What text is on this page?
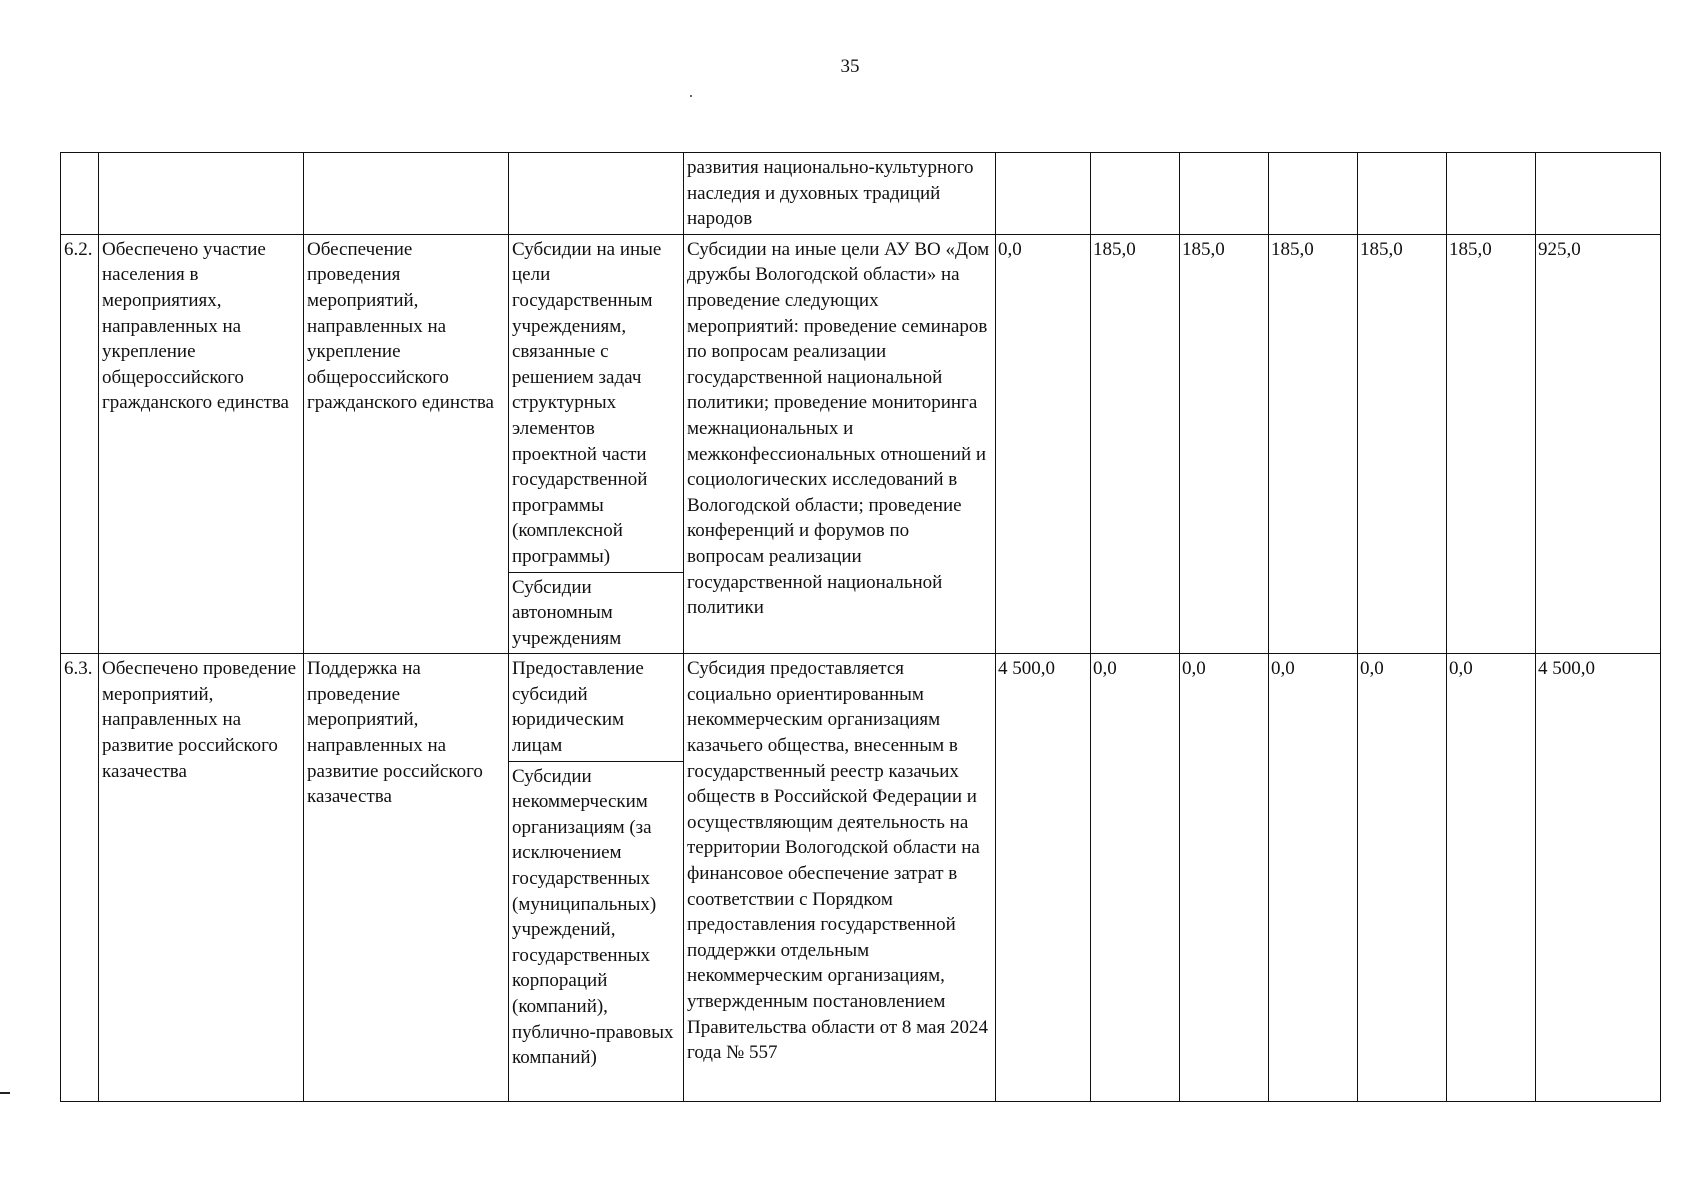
35
				развития национально-культурного наследия и духовных традиций народов							
6.2.	Обеспечено участие населения в мероприятиях, направленных на укрепление общероссийского гражданского единства	Обеспечение проведения мероприятий, направленных на укрепление общероссийского гражданского единства	Субсидии на иные цели государственным учреждениям, связанные с решением задач структурных элементов проектной части государственной программы (комплексной программы)	Субсидии на иные цели АУ ВО «Дом дружбы Вологодской области» на проведение следующих мероприятий: проведение семинаров по вопросам реализации государственной национальной политики; проведение мониторинга межнациональных и межконфессиональных отношений и социологических исследований в Вологодской области; проведение конференций и форумов по вопросам реализации государственной национальной политики	0,0	185,0	185,0	185,0	185,0	185,0	925,0
			Субсидии автономным учреждениям								
6.3.	Обеспечено проведение мероприятий, направленных на развитие российского казачества	Поддержка на проведение мероприятий, направленных на развитие российского казачества	Предоставление субсидий юридическим лицам	Субсидия предоставляется социально ориентированным некоммерческим организациям казачьего общества, внесенным в государственный реестр казачьих обществ в Российской Федерации и осуществляющим деятельность на территории Вологодской области на финансовое обеспечение затрат в соответствии с Порядком предоставления государственной поддержки отдельным некоммерческим организациям, утвержденным постановлением Правительства области от 8 мая 2024 года № 557	4 500,0	0,0	0,0	0,0	0,0	0,0	4 500,0
			Субсидии некоммерческим организациям (за исключением государственных (муниципальных) учреждений, государственных корпораций (компаний), публично-правовых компаний)								
